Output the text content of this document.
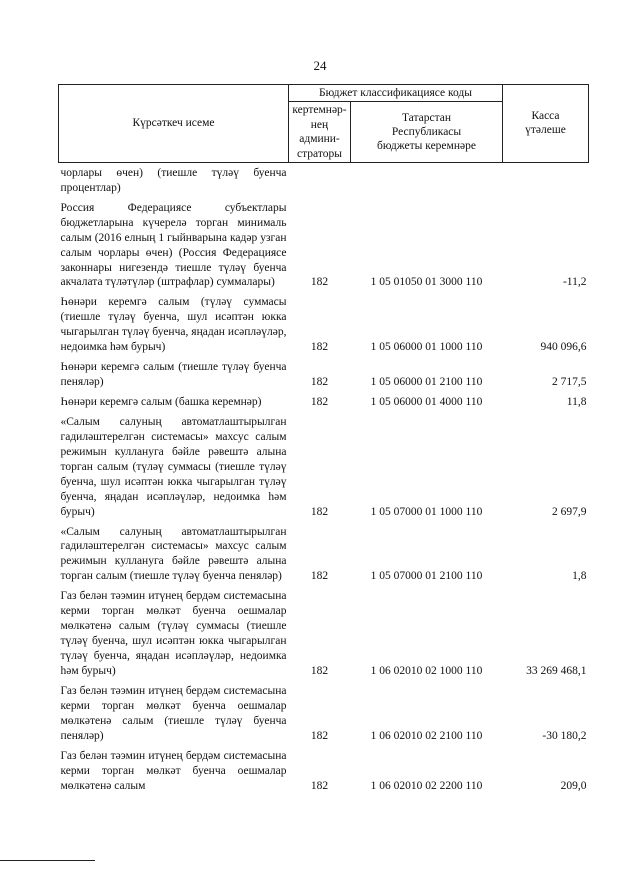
24
Күрсәткеч исеме	Бюджет классификациясе коды		Касса
үтәлеше
	кертемнәр-
нең
админи-
страторы	Татарстан
Республикасы
бюджеты керемнәре	
чорлары өчен) (тиешле түләү буенча процентлар)			
Россия Федерациясе субъектлары бюджетларына күчерелә торган минималь салым (2016 елның 1 гыйнварына кадәр узган салым чорлары өчен) (Россия Федерациясе законнары нигезендә тиешле түләү буенча акчалата түләтүләр (штрафлар) суммалары)	182	1 05 01050 01 3000 110	-11,2
Һөнәри керемгә салым (түләү суммасы (тиешле түләү буенча, шул исәптән юкка чыгарылган түләү буенча, яңадан исәпләүләр, недоимка һәм бурыч)	182	1 05 06000 01 1000 110	940 096,6
Һөнәри керемгә салым (тиешле түләү буенча пеняләр)	182	1 05 06000 01 2100 110	2 717,5
Һөнәри керемгә салым (башка керемнәр)	182	1 05 06000 01 4000 110	11,8
«Салым салуның автоматлаштырылган гадиләштерелгән системасы» махсус салым режимын куллануга бәйле рәвештә алына торган салым (түләү суммасы (тиешле түләү буенча, шул исәптән юкка чыгарылган түләү буенча, яңадан исәпләүләр, недоимка һәм бурыч)	182	1 05 07000 01 1000 110	2 697,9
«Салым салуның автоматлаштырылган гадиләштерелгән системасы» махсус салым режимын куллануга бәйле рәвештә алына торган салым (тиешле түләү буенча пеняләр)	182	1 05 07000 01 2100 110	1,8
Газ белән тәэмин итүнең бердәм системасына керми торган мөлкәт буенча оешмалар мөлкәтенә салым (түләү суммасы (тиешле түләү буенча, шул исәптән юкка чыгарылган түләү буенча, яңадан исәпләүләр, недоимка һәм бурыч)	182	1 06 02010 02 1000 110	33 269 468,1
Газ белән тәэмин итүнең бердәм системасына керми торган мөлкәт буенча оешмалар мөлкәтенә салым (тиешле түләү буенча пеняләр)	182	1 06 02010 02 2100 110	-30 180,2
Газ белән тәэмин итүнең бердәм системасына керми торган мөлкәт буенча оешмалар мөлкәтенә салым	182	1 06 02010 02 2200 110	209,0
